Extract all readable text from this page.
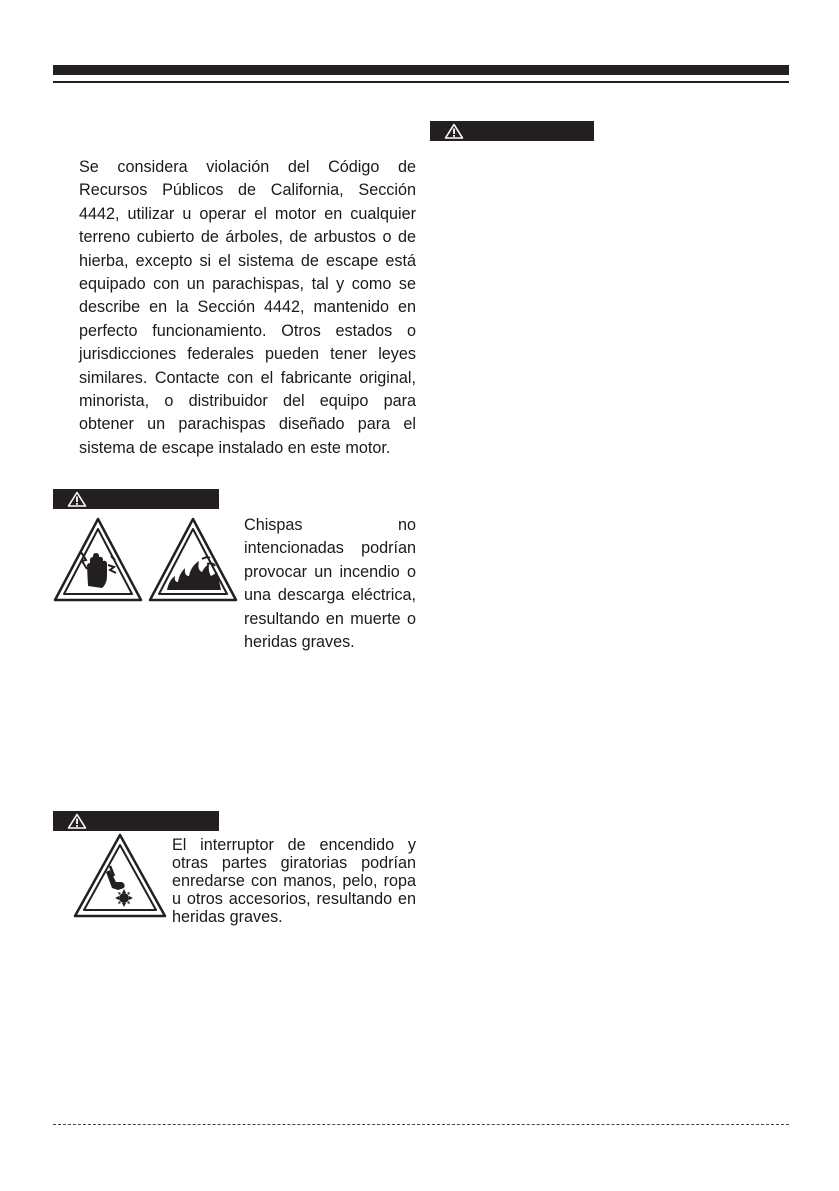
Se considera violación del Código de Recursos Públicos de California, Sección 4442, utilizar u operar el motor en cualquier terreno cubierto de árboles, de arbustos o de hierba, excepto si el sistema de escape está equipado con un parachispas, tal y como se describe en la Sección 4442, mantenido en perfecto funcionamiento. Otros estados o jurisdicciones federales pueden tener leyes similares. Contacte con el fabricante original, minorista, o distribuidor del equipo para obtener un parachispas diseñado para el sistema de escape instalado en este motor.

Chispas no intencionadas podrían provocar un incendio o una descarga eléctrica, resultando en muerte o heridas graves.

El interruptor de encendido y otras partes giratorias podrían enredarse con manos, pelo, ropa u otros accesorios, resultando en heridas graves.
